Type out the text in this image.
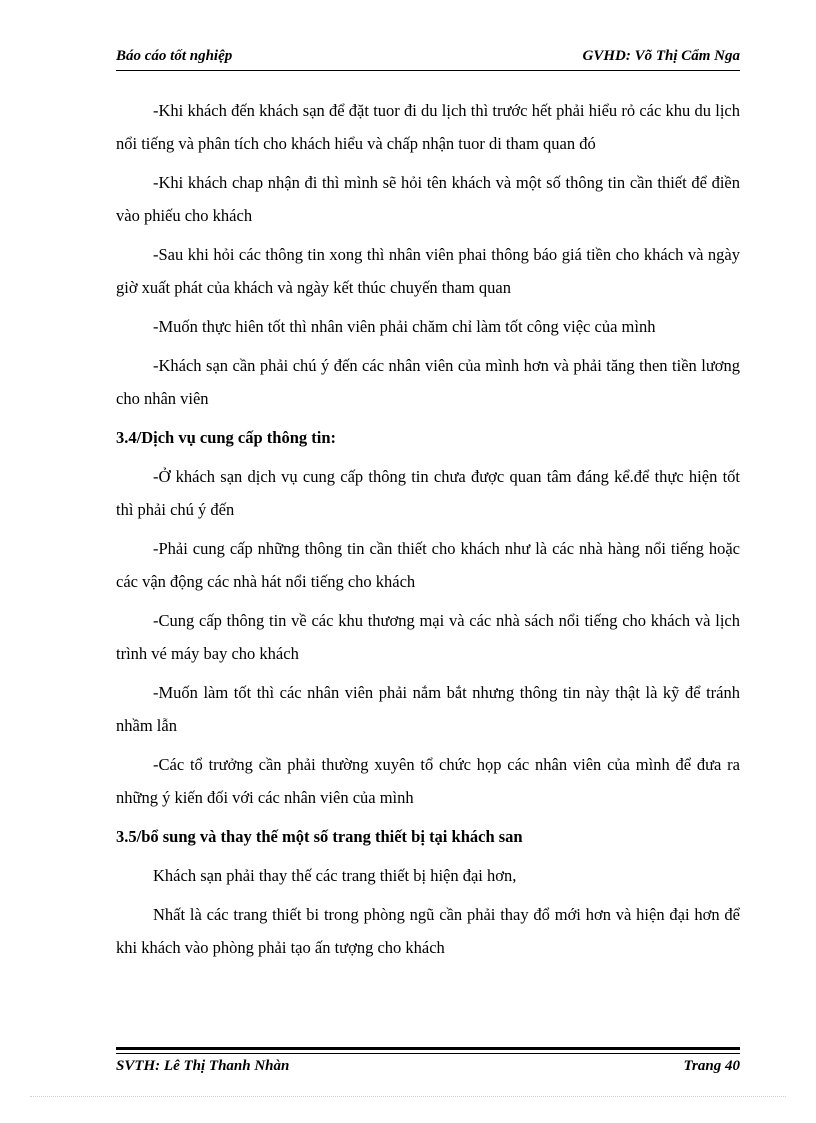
Báo cáo tốt nghiệp	GVHD: Võ Thị Cẩm Nga

-Khi khách đến khách sạn để đặt tuor đi du lịch thì trước hết phải hiểu rỏ các khu du lịch nổi tiếng và phân tích cho khách hiểu và chấp nhận tuor di tham quan đó

-Khi khách chap nhận đi thì mình sẽ hỏi tên khách và một số thông tin cần thiết để điền vào phiếu cho khách

-Sau khi hỏi các thông tin xong thì nhân viên phai thông báo giá tiền cho khách và ngày giờ xuất phát của khách và ngày kết thúc chuyến tham quan

-Muốn thực hiên tốt thì nhân viên phải chăm chỉ làm tốt công việc của mình

-Khách sạn cần phải chú ý đến các nhân viên của mình hơn và phải tăng then tiền lương cho nhân viên

3.4/Dịch vụ cung cấp thông tin:

-Ở khách sạn dịch vụ cung cấp thông tin chưa được quan tâm đáng kể.để thực hiện tốt thì phải chú ý đến

-Phải cung cấp những thông tin cần thiết cho khách như là các nhà hàng nổi tiếng hoặc các vận động các nhà hát nổi tiếng cho khách

-Cung cấp thông tin về các khu thương mại và các nhà sách nổi tiếng cho khách và lịch trình vé máy bay cho khách

-Muốn làm tốt thì các nhân viên phải nắm bắt nhưng thông tin này thật là kỹ để tránh nhầm lẫn

-Các tổ trưởng cần phải thường xuyên tổ chức họp các nhân viên của mình để đưa ra những ý kiến đối với các nhân viên của mình

3.5/bổ sung và thay thế một số trang thiết bị tại khách san

Khách sạn phải thay thế các trang thiết bị hiện đại hơn,

Nhất là các trang thiết bi trong phòng ngũ cần phải thay đổ mới hơn và hiện đại hơn để khi khách vào phòng phải tạo ấn tượng cho khách

SVTH: Lê Thị Thanh Nhàn	Trang 40
